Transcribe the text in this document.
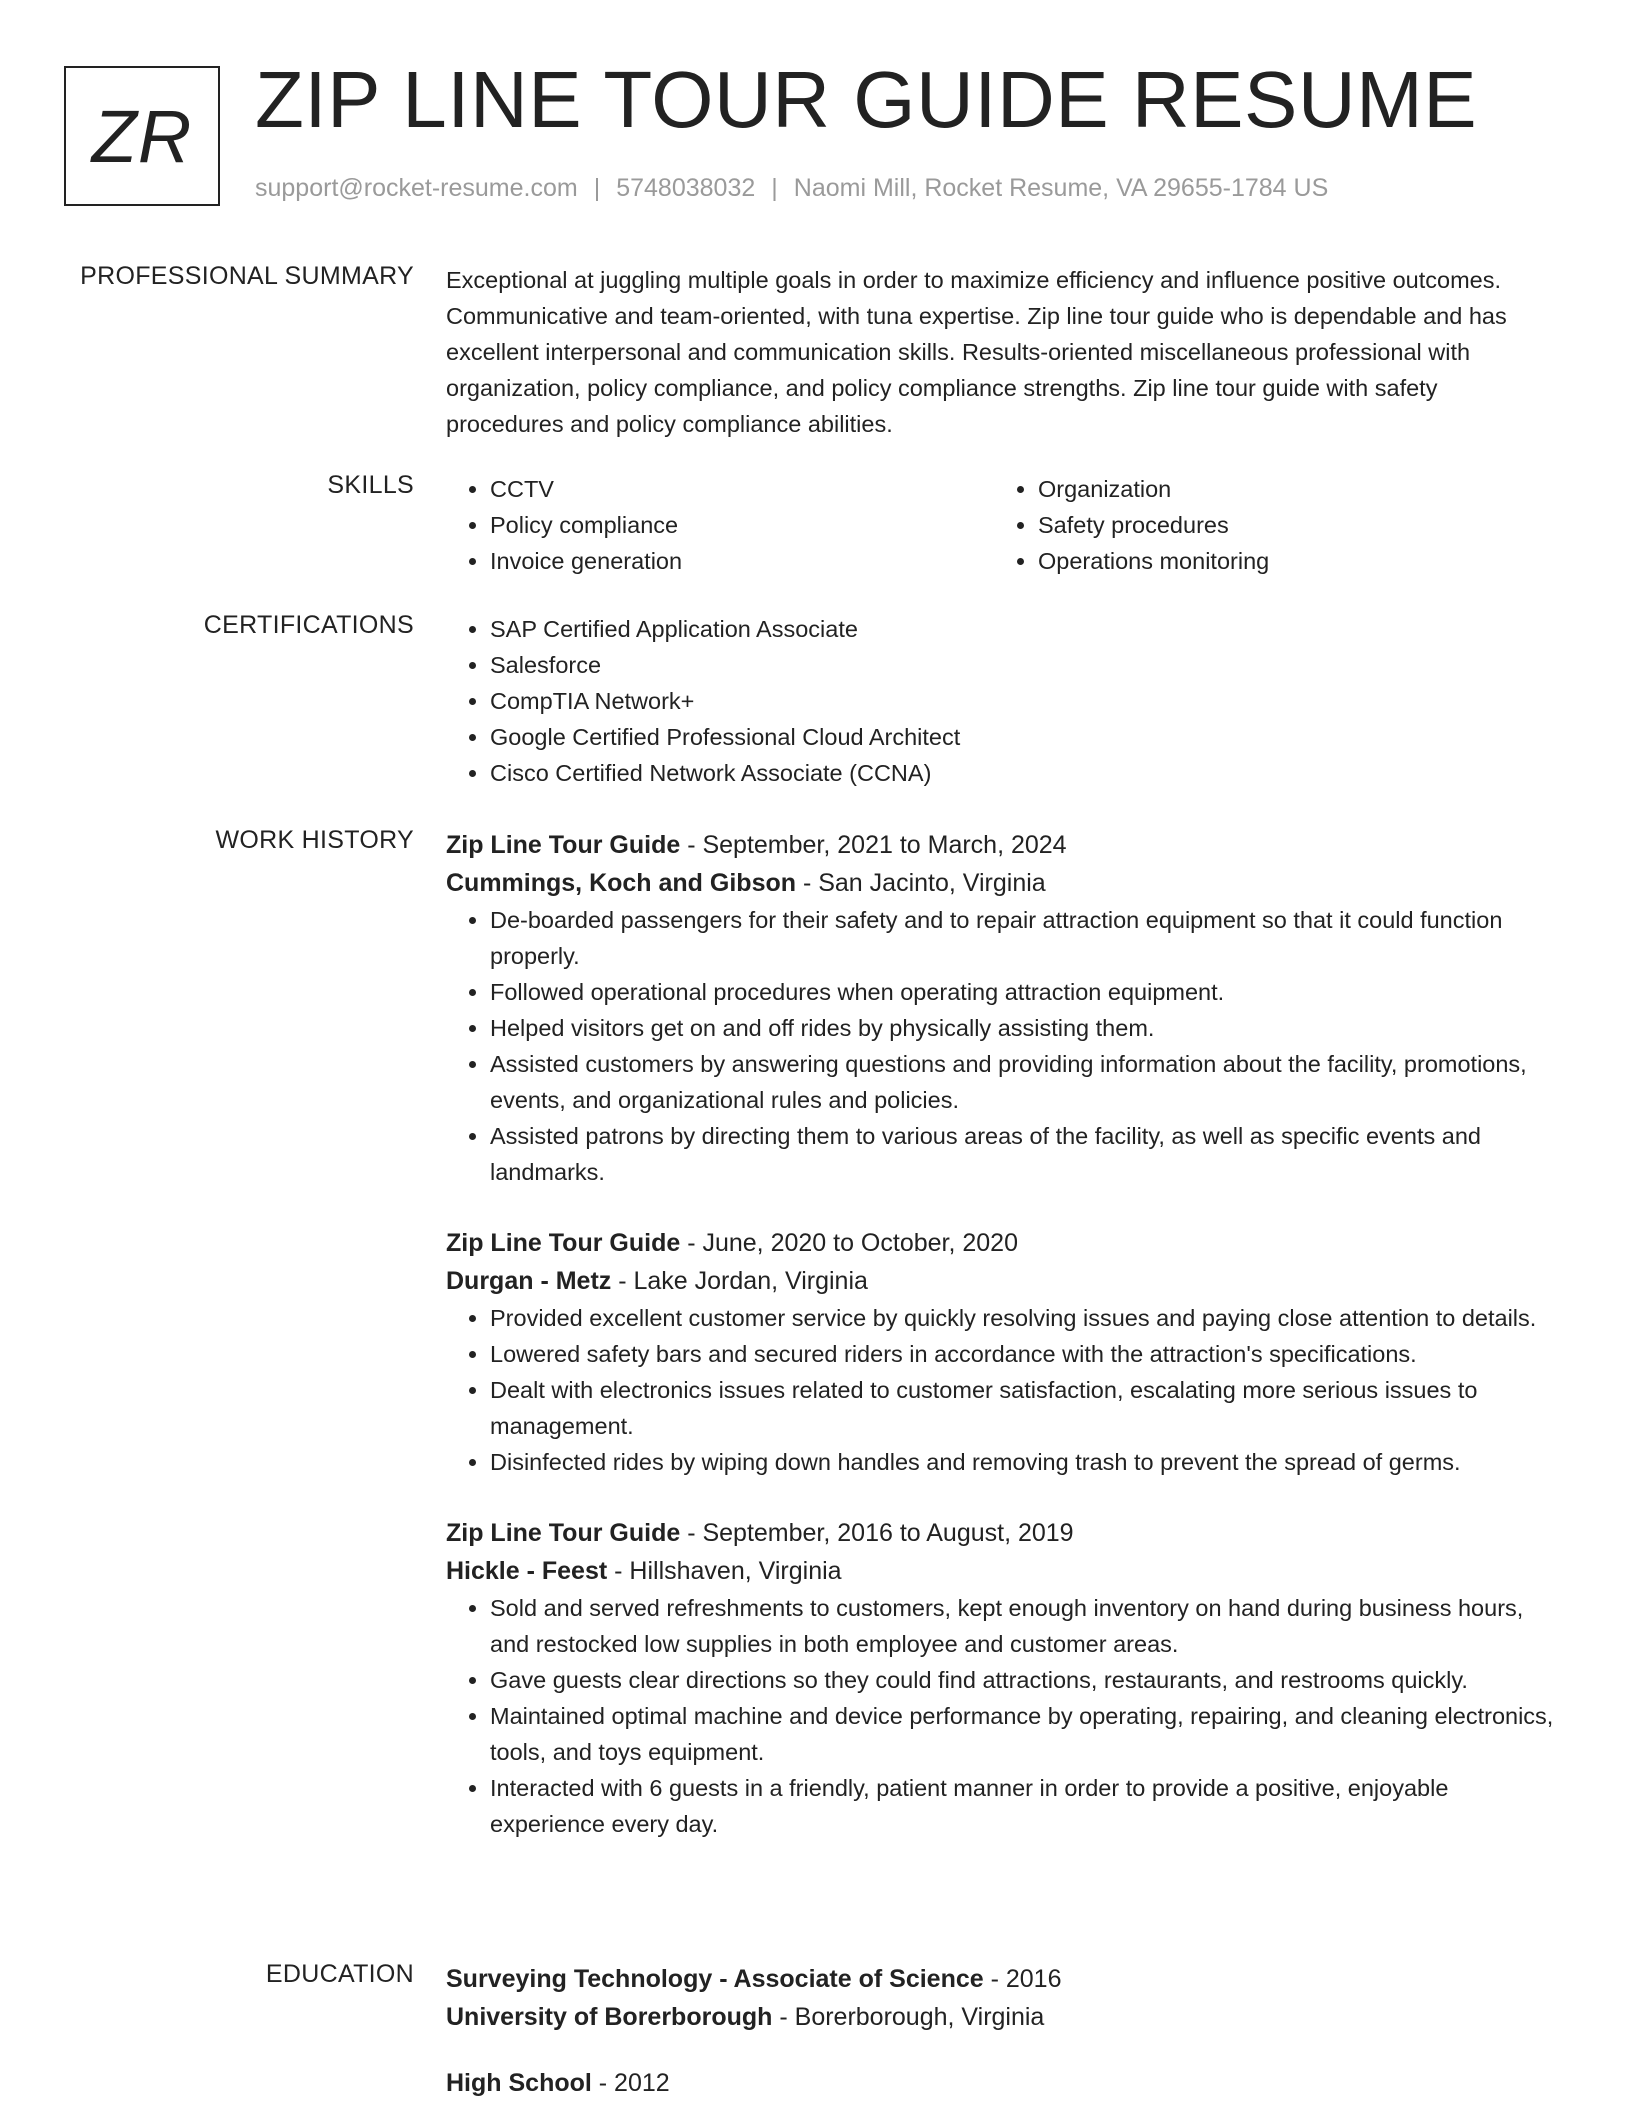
ZR ZIP LINE TOUR GUIDE RESUME
support@rocket-resume.com | 5748038032 | Naomi Mill, Rocket Resume, VA 29655-1784 US
PROFESSIONAL SUMMARY Exceptional at juggling multiple goals in order to maximize efficiency and influence positive outcomes. Communicative and team-oriented, with tuna expertise. Zip line tour guide who is dependable and has excellent interpersonal and communication skills. Results-oriented miscellaneous professional with organization, policy compliance, and policy compliance strengths. Zip line tour guide with safety procedures and policy compliance abilities.
SKILLS	• CCTV
• Policy compliance
• Invoice generation
• Organization
• Safety procedures
• Operations monitoring
CERTIFICATIONS	• SAP Certified Application Associate
• Salesforce
• CompTIA Network+
• Google Certified Professional Cloud Architect
• Cisco Certified Network Associate (CCNA)
WORK HISTORY Zip Line Tour Guide - September, 2021 to March, 2024
Cummings, Koch and Gibson - San Jacinto, Virginia
• De-boarded passengers for their safety and to repair attraction equipment so that it could function properly.
• Followed operational procedures when operating attraction equipment.
• Helped visitors get on and off rides by physically assisting them.
• Assisted customers by answering questions and providing information about the facility, promotions, events, and organizational rules and policies.
• Assisted patrons by directing them to various areas of the facility, as well as specific events and landmarks.
Zip Line Tour Guide - June, 2020 to October, 2020
Durgan - Metz - Lake Jordan, Virginia
• Provided excellent customer service by quickly resolving issues and paying close attention to details.
• Lowered safety bars and secured riders in accordance with the attraction's specifications.
• Dealt with electronics issues related to customer satisfaction, escalating more serious issues to management.
• Disinfected rides by wiping down handles and removing trash to prevent the spread of germs.
Zip Line Tour Guide - September, 2016 to August, 2019
Hickle - Feest - Hillshaven, Virginia
• Sold and served refreshments to customers, kept enough inventory on hand during business hours, and restocked low supplies in both employee and customer areas.
• Gave guests clear directions so they could find attractions, restaurants, and restrooms quickly.
• Maintained optimal machine and device performance by operating, repairing, and cleaning electronics, tools, and toys equipment.
• Interacted with 6 guests in a friendly, patient manner in order to provide a positive, enjoyable experience every day.
EDUCATION Surveying Technology - Associate of Science - 2016
University of Borerborough - Borerborough, Virginia
High School - 2012
